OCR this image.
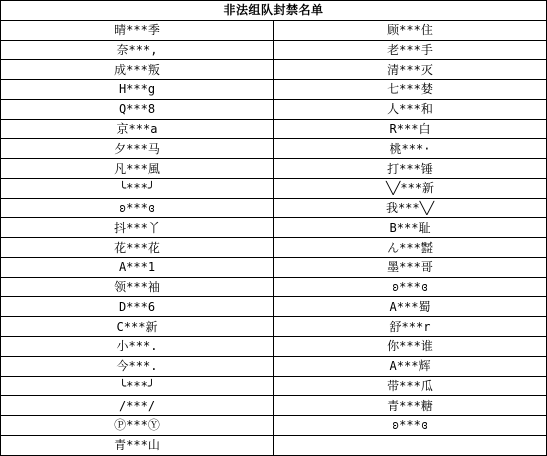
非法组队封禁名单	
晴***季	顾***住
奈***,	老***手
成***叛	清***灭
H***g	七***婪
Q***8	人***和
京***a	R***白
夕***马	桃***·
凡***風	打***锤
╰***╯	╲╱***新
ʚ***ɞ	我***╲╱
抖***丫	B***耻
花***花	ん***㍿
A***1	墨***哥
领***袖	ʚ***ɞ
D***6	A***蜀
C***新	舒***r
小***.	你***谁
今***.	A***辉
╰***╯	带***瓜
/***/	青***糖
Ⓟ***Ⓨ	ʚ***ɞ
青***山	
